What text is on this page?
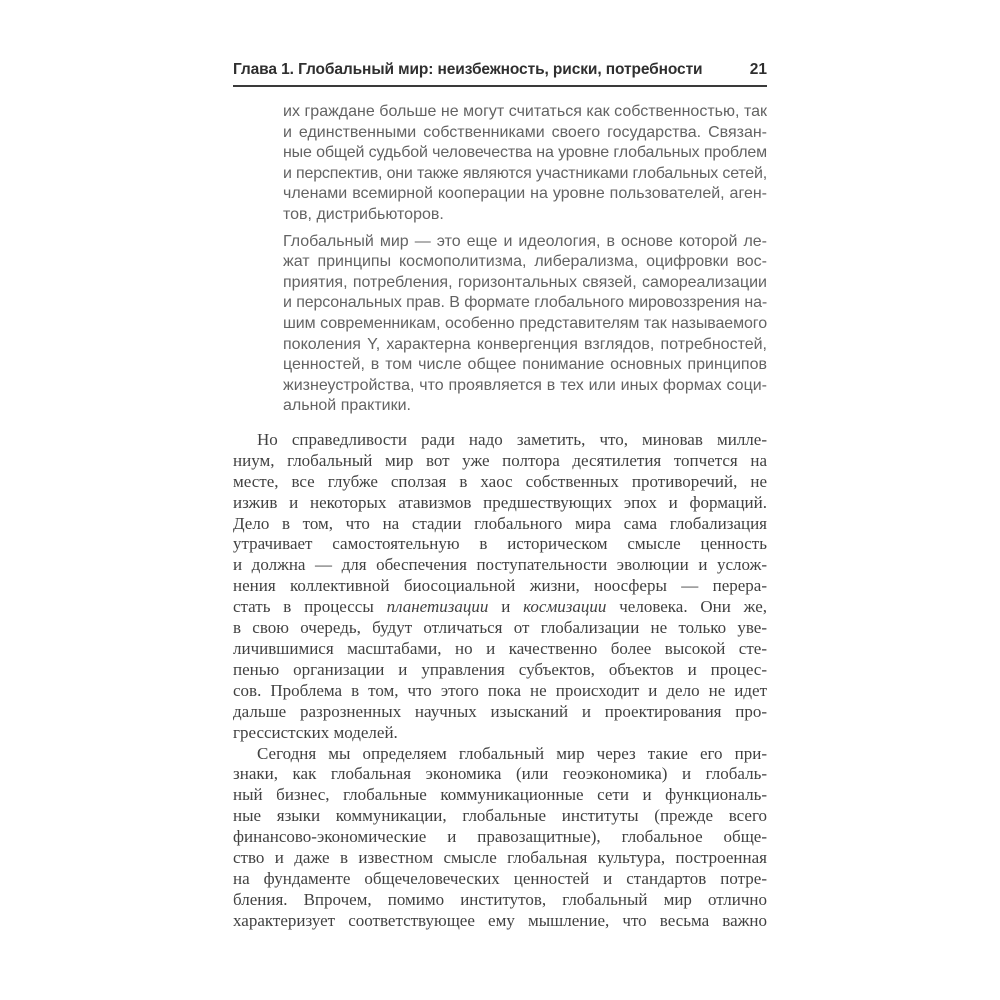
Глава 1. Глобальный мир: неизбежность, риски, потребности	21
их граждане больше не могут считаться как собственностью, так
и единственными собственниками своего государства. Связан-
ные общей судьбой человечества на уровне глобальных проблем
и перспектив, они также являются участниками глобальных сетей,
членами всемирной кооперации на уровне пользователей, аген-
тов, дистрибьюторов.
Глобальный мир — это еще и идеология, в основе которой ле-
жат принципы космополитизма, либерализма, оцифровки вос-
приятия, потребления, горизонтальных связей, самореализации
и персональных прав. В формате глобального мировоззрения на-
шим современникам, особенно представителям так называемого
поколения Y, характерна конвергенция взглядов, потребностей,
ценностей, в том числе общее понимание основных принципов
жизнеустройства, что проявляется в тех или иных формах соци-
альной практики.
Но справедливости ради надо заметить, что, миновав милле-
ниум, глобальный мир вот уже полтора десятилетия топчется на
месте, все глубже сползая в хаос собственных противоречий, не
изжив и некоторых атавизмов предшествующих эпох и формаций.
Дело в том, что на стадии глобального мира сама глобализация
утрачивает самостоятельную в историческом смысле ценность
и должна — для обеспечения поступательности эволюции и услож-
нения коллективной биосоциальной жизни, ноосферы — перера-
стать в процессы планетизации и космизации человека. Они же,
в свою очередь, будут отличаться от глобализации не только уве-
личившимися масштабами, но и качественно более высокой сте-
пенью организации и управления субъектов, объектов и процес-
сов. Проблема в том, что этого пока не происходит и дело не идет
дальше разрозненных научных изысканий и проектирования про-
грессистских моделей.
Сегодня мы определяем глобальный мир через такие его при-
знаки, как глобальная экономика (или геоэкономика) и глобаль-
ный бизнес, глобальные коммуникационные сети и функциональ-
ные языки коммуникации, глобальные институты (прежде всего
финансово-экономические и правозащитные), глобальное обще-
ство и даже в известном смысле глобальная культура, построенная
на фундаменте общечеловеческих ценностей и стандартов потре-
бления. Впрочем, помимо институтов, глобальный мир отлично
характеризует соответствующее ему мышление, что весьма важно
